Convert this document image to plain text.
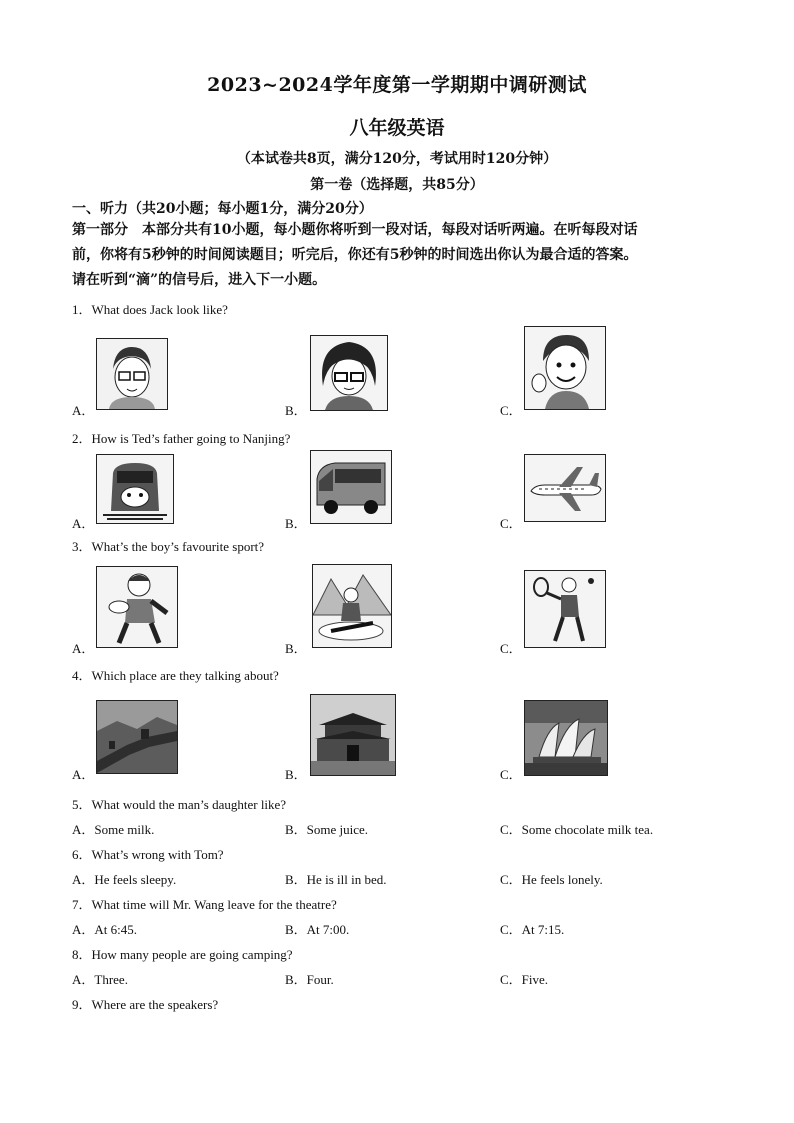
2023~2024学年度第一学期期中调研测试
八年级英语
（本试卷共8页，满分120分，考试用时120分钟）
第一卷（选择题，共85分）
一、听力（共20小题；每小题1分，满分20分）
第一部分　本部分共有10小题，每小题你将听到一段对话，每段对话听两遍。在听每段对话
前，你将有5秒钟的时间阅读题目；听完后，你还有5秒钟的时间选出你认为最合适的答案。
请在听到“滴”的信号后，进入下一小题。
1．What does Jack look like?
A．	B．	C．
2．How is Ted’s father going to Nanjing?
A．	B．	C．
3．What’s the boy’s favourite sport?
A．	B．	C．
4．Which place are they talking about?
A．	B．	C．
5．What would the man’s daughter like?
A．Some milk.	B．Some juice.	C．Some chocolate milk tea.
6．What’s wrong with Tom?
A．He feels sleepy.	B．He is ill in bed.	C．He feels lonely.
7．What time will Mr. Wang leave for the theatre?
A．At 6:45.	B．At 7:00.	C．At 7:15.
8．How many people are going camping?
A．Three.	B．Four.	C．Five.
9．Where are the speakers?
